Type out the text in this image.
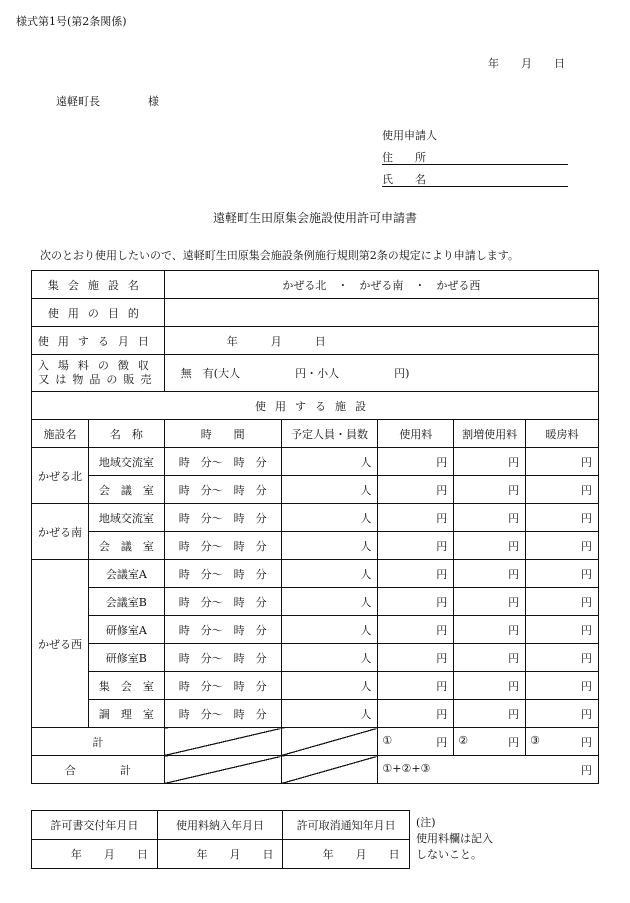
様式第1号(第2条関係)
年　　月　　日
遠軽町長	様
使用申請人
住　　所
氏　　名
遠軽町生田原集会施設使用許可申請書
次のとおり使用したいので、遠軽町生田原集会施設条例施行規則第2条の規定により申請します。
集会施設名		かぜる北　・　かぜる南　・　かぜる西				
使用の目的						
使用する月日		年　　　月　　　日				

入場料の徴収
又は物品の販売		無　有(大人　　　　　円・小人　　　　　円)				
使用する施設						
施設名	名　称	時　　間	予定人員・員数	使用料	割増使用料	暖房料
かぜる北	地域交流室	時　分～　時　分	人	円	円	円
	会　議　室	時　分～　時　分	人	円	円	円
かぜる南	地域交流室	時　分～　時　分	人	円	円	円
	会　議　室	時　分～　時　分	人	円	円	円
かぜる西	会議室A	時　分～　時　分	人	円	円	円
	会議室B	時　分～　時　分	人	円	円	円
	研修室A	時　分～　時　分	人	円	円	円
	研修室B	時　分～　時　分	人	円	円	円
	集　会　室	時　分～　時　分	人	円	円	円
	調　理　室	時　分～　時　分	人	円	円	円
計				① 円	② 円	③ 円

合　　　　計				①+②+③ 円		
許可書交付年月日	使用料納入年月日	許可取消通知年月日
年　　月　　日	年　　月　　日	年　　月　　日
(注)
使用料欄は記入
しないこと。
